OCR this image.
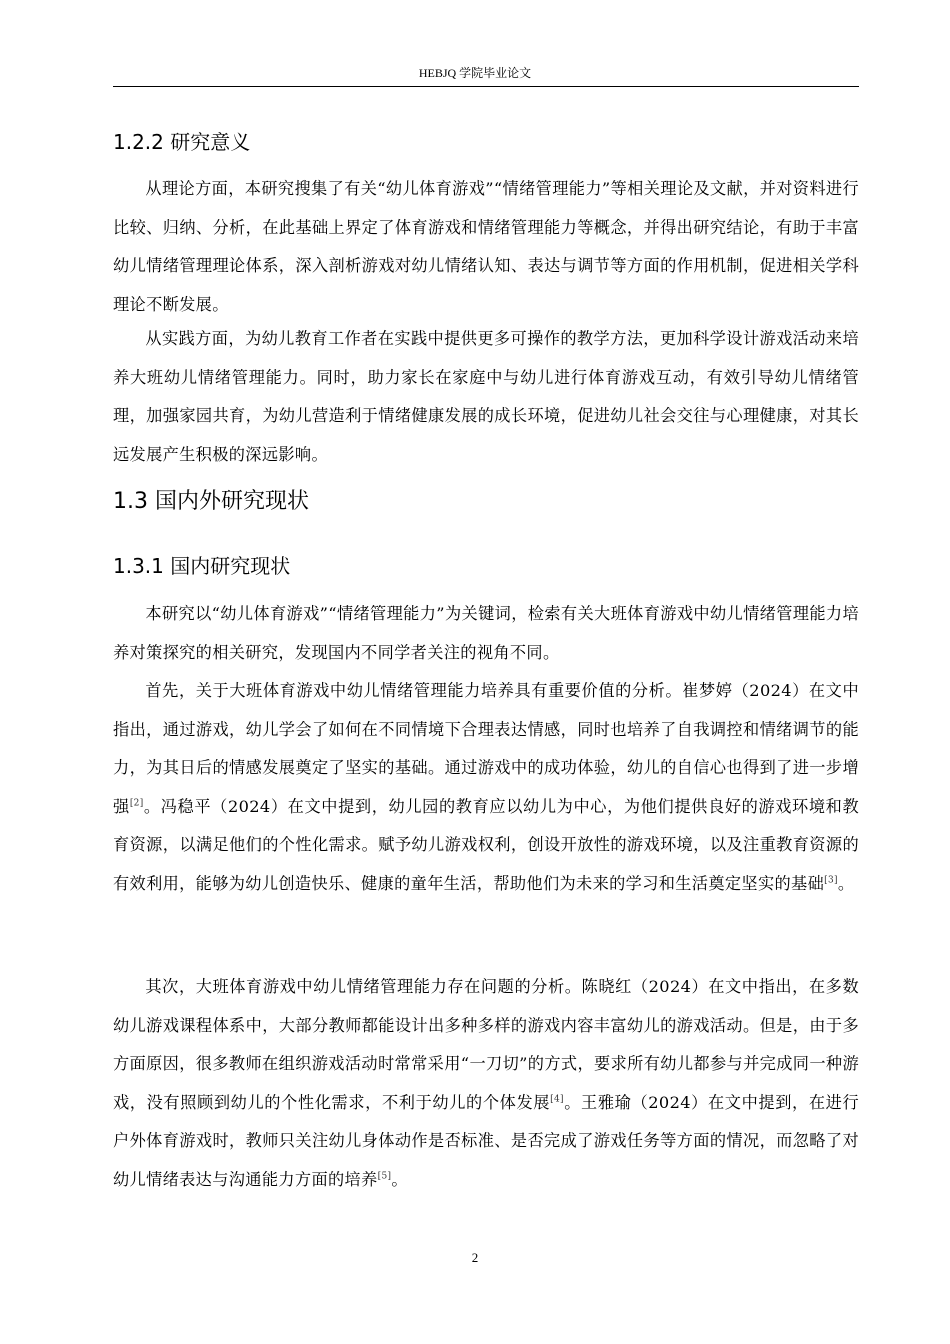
HEBJQ 学院毕业论文
1.2.2 研究意义

从理论方面，本研究搜集了有关“幼儿体育游戏”“情绪管理能力”等相关理论及文献，并对资料进行比较、归纳、分析，在此基础上界定了体育游戏和情绪管理能力等概念，并得出研究结论，有助于丰富幼儿情绪管理理论体系，深入剖析游戏对幼儿情绪认知、表达与调节等方面的作用机制，促进相关学科理论不断发展。

从实践方面，为幼儿教育工作者在实践中提供更多可操作的教学方法，更加科学设计游戏活动来培养大班幼儿情绪管理能力。同时，助力家长在家庭中与幼儿进行体育游戏互动，有效引导幼儿情绪管理，加强家园共育，为幼儿营造利于情绪健康发展的成长环境，促进幼儿社会交往与心理健康，对其长远发展产生积极的深远影响。

1.3 国内外研究现状
1.3.1 国内研究现状

本研究以“幼儿体育游戏”“情绪管理能力”为关键词，检索有关大班体育游戏中幼儿情绪管理能力培养对策探究的相关研究，发现国内不同学者关注的视角不同。

首先，关于大班体育游戏中幼儿情绪管理能力培养具有重要价值的分析。崔梦婷（2024）在文中指出，通过游戏，幼儿学会了如何在不同情境下合理表达情感，同时也培养了自我调控和情绪调节的能力，为其日后的情感发展奠定了坚实的基础。通过游戏中的成功体验，幼儿的自信心也得到了进一步增强[2]。冯稳平（2024）在文中提到，幼儿园的教育应以幼儿为中心，为他们提供良好的游戏环境和教育资源，以满足他们的个性化需求。赋予幼儿游戏权利，创设开放性的游戏环境，以及注重教育资源的有效利用，能够为幼儿创造快乐、健康的童年生活，帮助他们为未来的学习和生活奠定坚实的基础[3]。

其次，大班体育游戏中幼儿情绪管理能力存在问题的分析。陈晓红（2024）在文中指出，在多数幼儿游戏课程体系中，大部分教师都能设计出多种多样的游戏内容丰富幼儿的游戏活动。但是，由于多方面原因，很多教师在组织游戏活动时常常采用“一刀切”的方式，要求所有幼儿都参与并完成同一种游戏，没有照顾到幼儿的个性化需求，不利于幼儿的个体发展[4]。王雅瑜（2024）在文中提到，在进行户外体育游戏时，教师只关注幼儿身体动作是否标准、是否完成了游戏任务等方面的情况，而忽略了对幼儿情绪表达与沟通能力方面的培养[5]。

2
